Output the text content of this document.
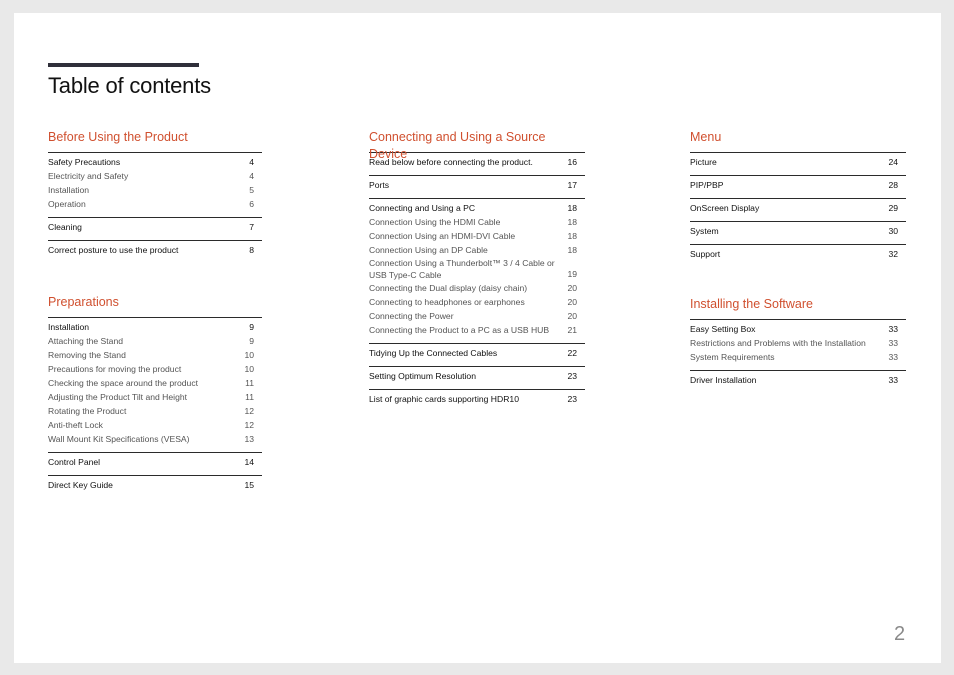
Table of contents
Before Using the Product
Safety Precautions	4
Electricity and Safety	4
Installation	5
Operation	6
Cleaning	7
Correct posture to use the product	8
Preparations
Installation	9
Attaching the Stand	9
Removing the Stand	10
Precautions for moving the product	10
Checking the space around the product	11
Adjusting the Product Tilt and Height	11
Rotating the Product	12
Anti-theft Lock	12
Wall Mount Kit Specifications (VESA)	13
Control Panel	14
Direct Key Guide	15
Connecting and Using a Source Device
Read below before connecting the product.	16
Ports	17
Connecting and Using a PC	18
Connection Using the HDMI Cable	18
Connection Using an HDMI-DVI Cable	18
Connection Using an DP Cable	18
Connection Using a Thunderbolt™ 3 / 4 Cable or USB Type-C Cable	19
Connecting the Dual display (daisy chain)	20
Connecting to headphones or earphones	20
Connecting the Power	20
Connecting the Product to a PC as a USB HUB	21
Tidying Up the Connected Cables	22
Setting Optimum Resolution	23
List of graphic cards supporting HDR10	23
Menu
Picture	24
PIP/PBP	28
OnScreen Display	29
System	30
Support	32
Installing the Software
Easy Setting Box	33
Restrictions and Problems with the Installation	33
System Requirements	33
Driver Installation	33
2
